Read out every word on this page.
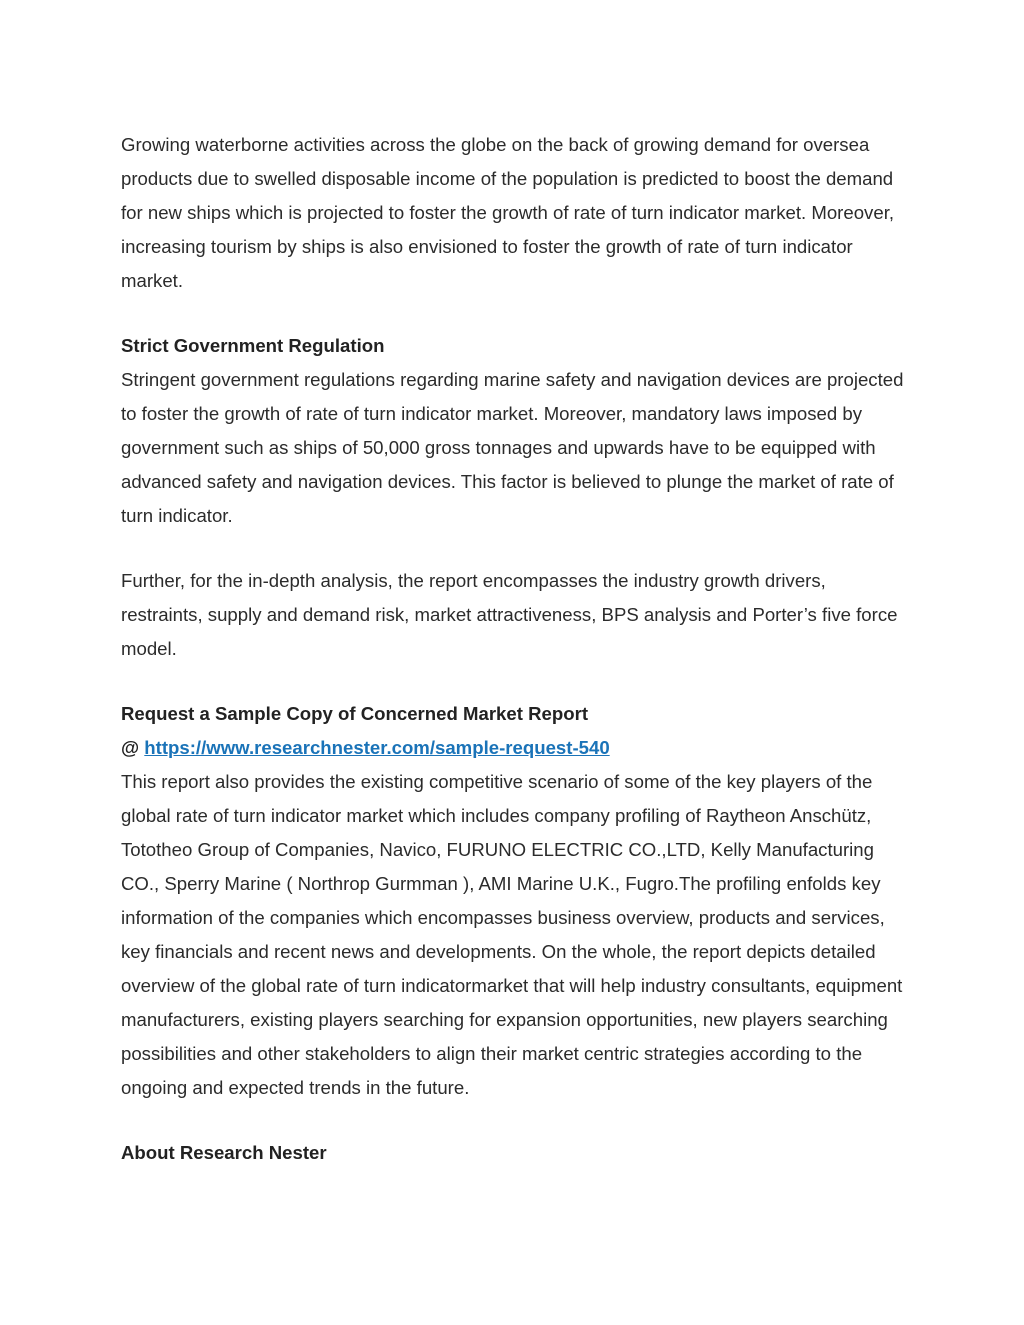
Growing waterborne activities across the globe on the back of growing demand for oversea products due to swelled disposable income of the population is predicted to boost the demand for new ships which is projected to foster the growth of rate of turn indicator market. Moreover, increasing tourism by ships is also envisioned to foster the growth of rate of turn indicator market.

Strict Government Regulation

Stringent government regulations regarding marine safety and navigation devices are projected to foster the growth of rate of turn indicator market. Moreover, mandatory laws imposed by government such as ships of 50,000 gross tonnages and upwards have to be equipped with advanced safety and navigation devices. This factor is believed to plunge the market of rate of turn indicator.

Further, for the in-depth analysis, the report encompasses the industry growth drivers, restraints, supply and demand risk, market attractiveness, BPS analysis and Porter’s five force model.

Request a Sample Copy of Concerned Market Report

@ https://www.researchnester.com/sample-request-540

This report also provides the existing competitive scenario of some of the key players of the global rate of turn indicator market which includes company profiling of Raytheon Anschütz, Tototheo Group of Companies, Navico, FURUNO ELECTRIC CO.,LTD, Kelly Manufacturing CO., Sperry Marine ( Northrop Gurmman ), AMI Marine U.K., Fugro.The profiling enfolds key information of the companies which encompasses business overview, products and services, key financials and recent news and developments. On the whole, the report depicts detailed overview of the global rate of turn indicatormarket that will help industry consultants, equipment manufacturers, existing players searching for expansion opportunities, new players searching possibilities and other stakeholders to align their market centric strategies according to the ongoing and expected trends in the future.

About Research Nester
